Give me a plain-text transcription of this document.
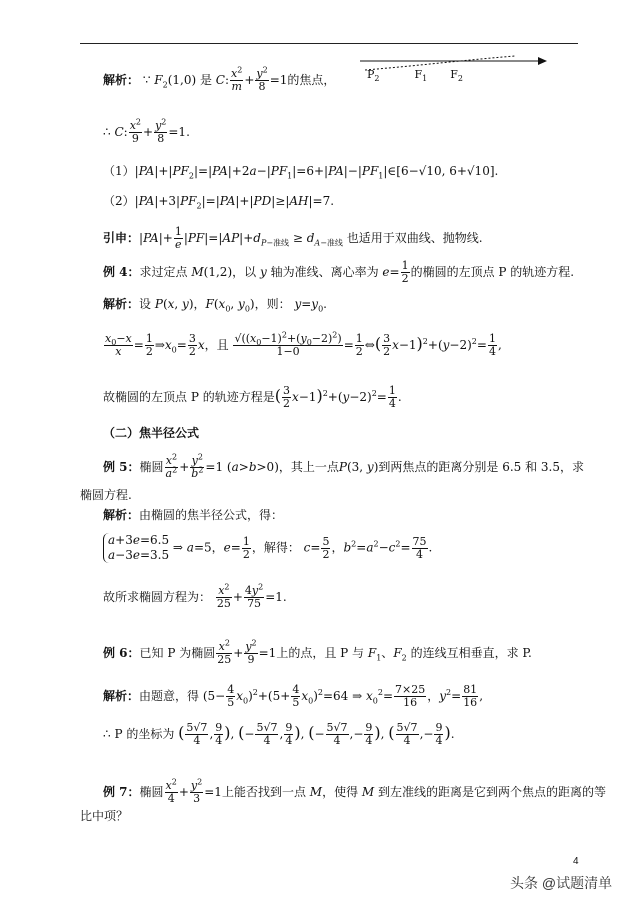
$P_2$	$F_1$ $F_2$
解析： ∵ $F_2(1,0)$ 是 C: $\frac{x^2}{m} + \frac{y^2}{8} =1$的焦点，
∴ C: $\frac{x^2}{9} + \frac{y^2}{8} =1$.
$(1)|PA|+|PF_2|=|PA|+2a-|PF_1|=6+|PA|-|PF_1|\in[6-√10$, 6+√10].
$(2)|PA|+3|PF_2|=|PA|+|PD|\ge|AH|=7$.
引申：$|PA|+ \frac{1}{e} |PF|=|AP|+d_{P-准线} \ge d_{A-准线}$ 也适用于双曲线、抛物线.
例 4：求过定点 M(1,2)，以 y 轴为准线、离心率为 $e= \frac{1}{2}$ 的椭圆的左顶点 P 的轨迹方程.
解析：设 P(x, y)，$F(x_0$, $y_0$)，则： $y=y_0$.
$\frac{x_0-x}{x} = \frac{1}{2}$ $\Rightarrow x_0= \frac{3}{2}$ x，且 $\frac{√((x_0-1)^2+(y_0-2)^2)}{1-0} = \frac{1}{2}$ ⇔( $\frac{3}{2} x-1)^2+(y-2)^2= \frac{1}{4}$ ,
故椭圆的左顶点 P 的轨迹方程是( $\frac{3}{2} x-1)^2+(y-2)^2= \frac{1}{4}$ .
（二）焦半径公式
例 5：椭圆 $\frac{x^2}{a^2} + \frac{y^2}{b^2} =1$ (a>b>0)，其上一点P(3, y)到两焦点的距离分别是 6.5 和 3.5，求
椭圆方程.
解析：由椭圆的焦半径公式，得：
a+3e=6.5
a−3e=3.5 ⇒ a=5，$e= \frac{1}{2}$ ，解得： $c= \frac{5}{2}$ ，$b^2=a^2-c^2= \frac{75}{4}$ .
故所求椭圆方程为： $\frac{x^2}{25} + \frac{4y^2}{75} =1$.
例 6：已知 P 为椭圆 $\frac{x^2}{25} + \frac{y^2}{9} =1$上的点，且 P 与 $F_1$、$F_2$ 的连线互相垂直，求 P.
解析：由题意，得 $(5- \frac{4}{5} x_0)^2+(5+ \frac{4}{5} x_0)^2=64$ ⇒ $x_0^2= \frac{7\times 25}{16}$ ，$y^2= \frac{81}{16}$ ,
∴ P 的坐标为 ( $\frac{5√7}{4}$ , $\frac{9}{4}$ ), (− $\frac{5√7}{4}$ , $\frac{9}{4}$ ), (− $\frac{5√7}{4}$ ,− $\frac{9}{4}$ ), ( $\frac{5√7}{4}$ ,− $\frac{9}{4}$ ).
例 7：椭圆 $\frac{x^2}{4} + \frac{y^2}{3} =1$上能否找到一点 M，使得 M 到左准线的距离是它到两个焦点的距离的等
比中项？
4
头条 @试题清单
